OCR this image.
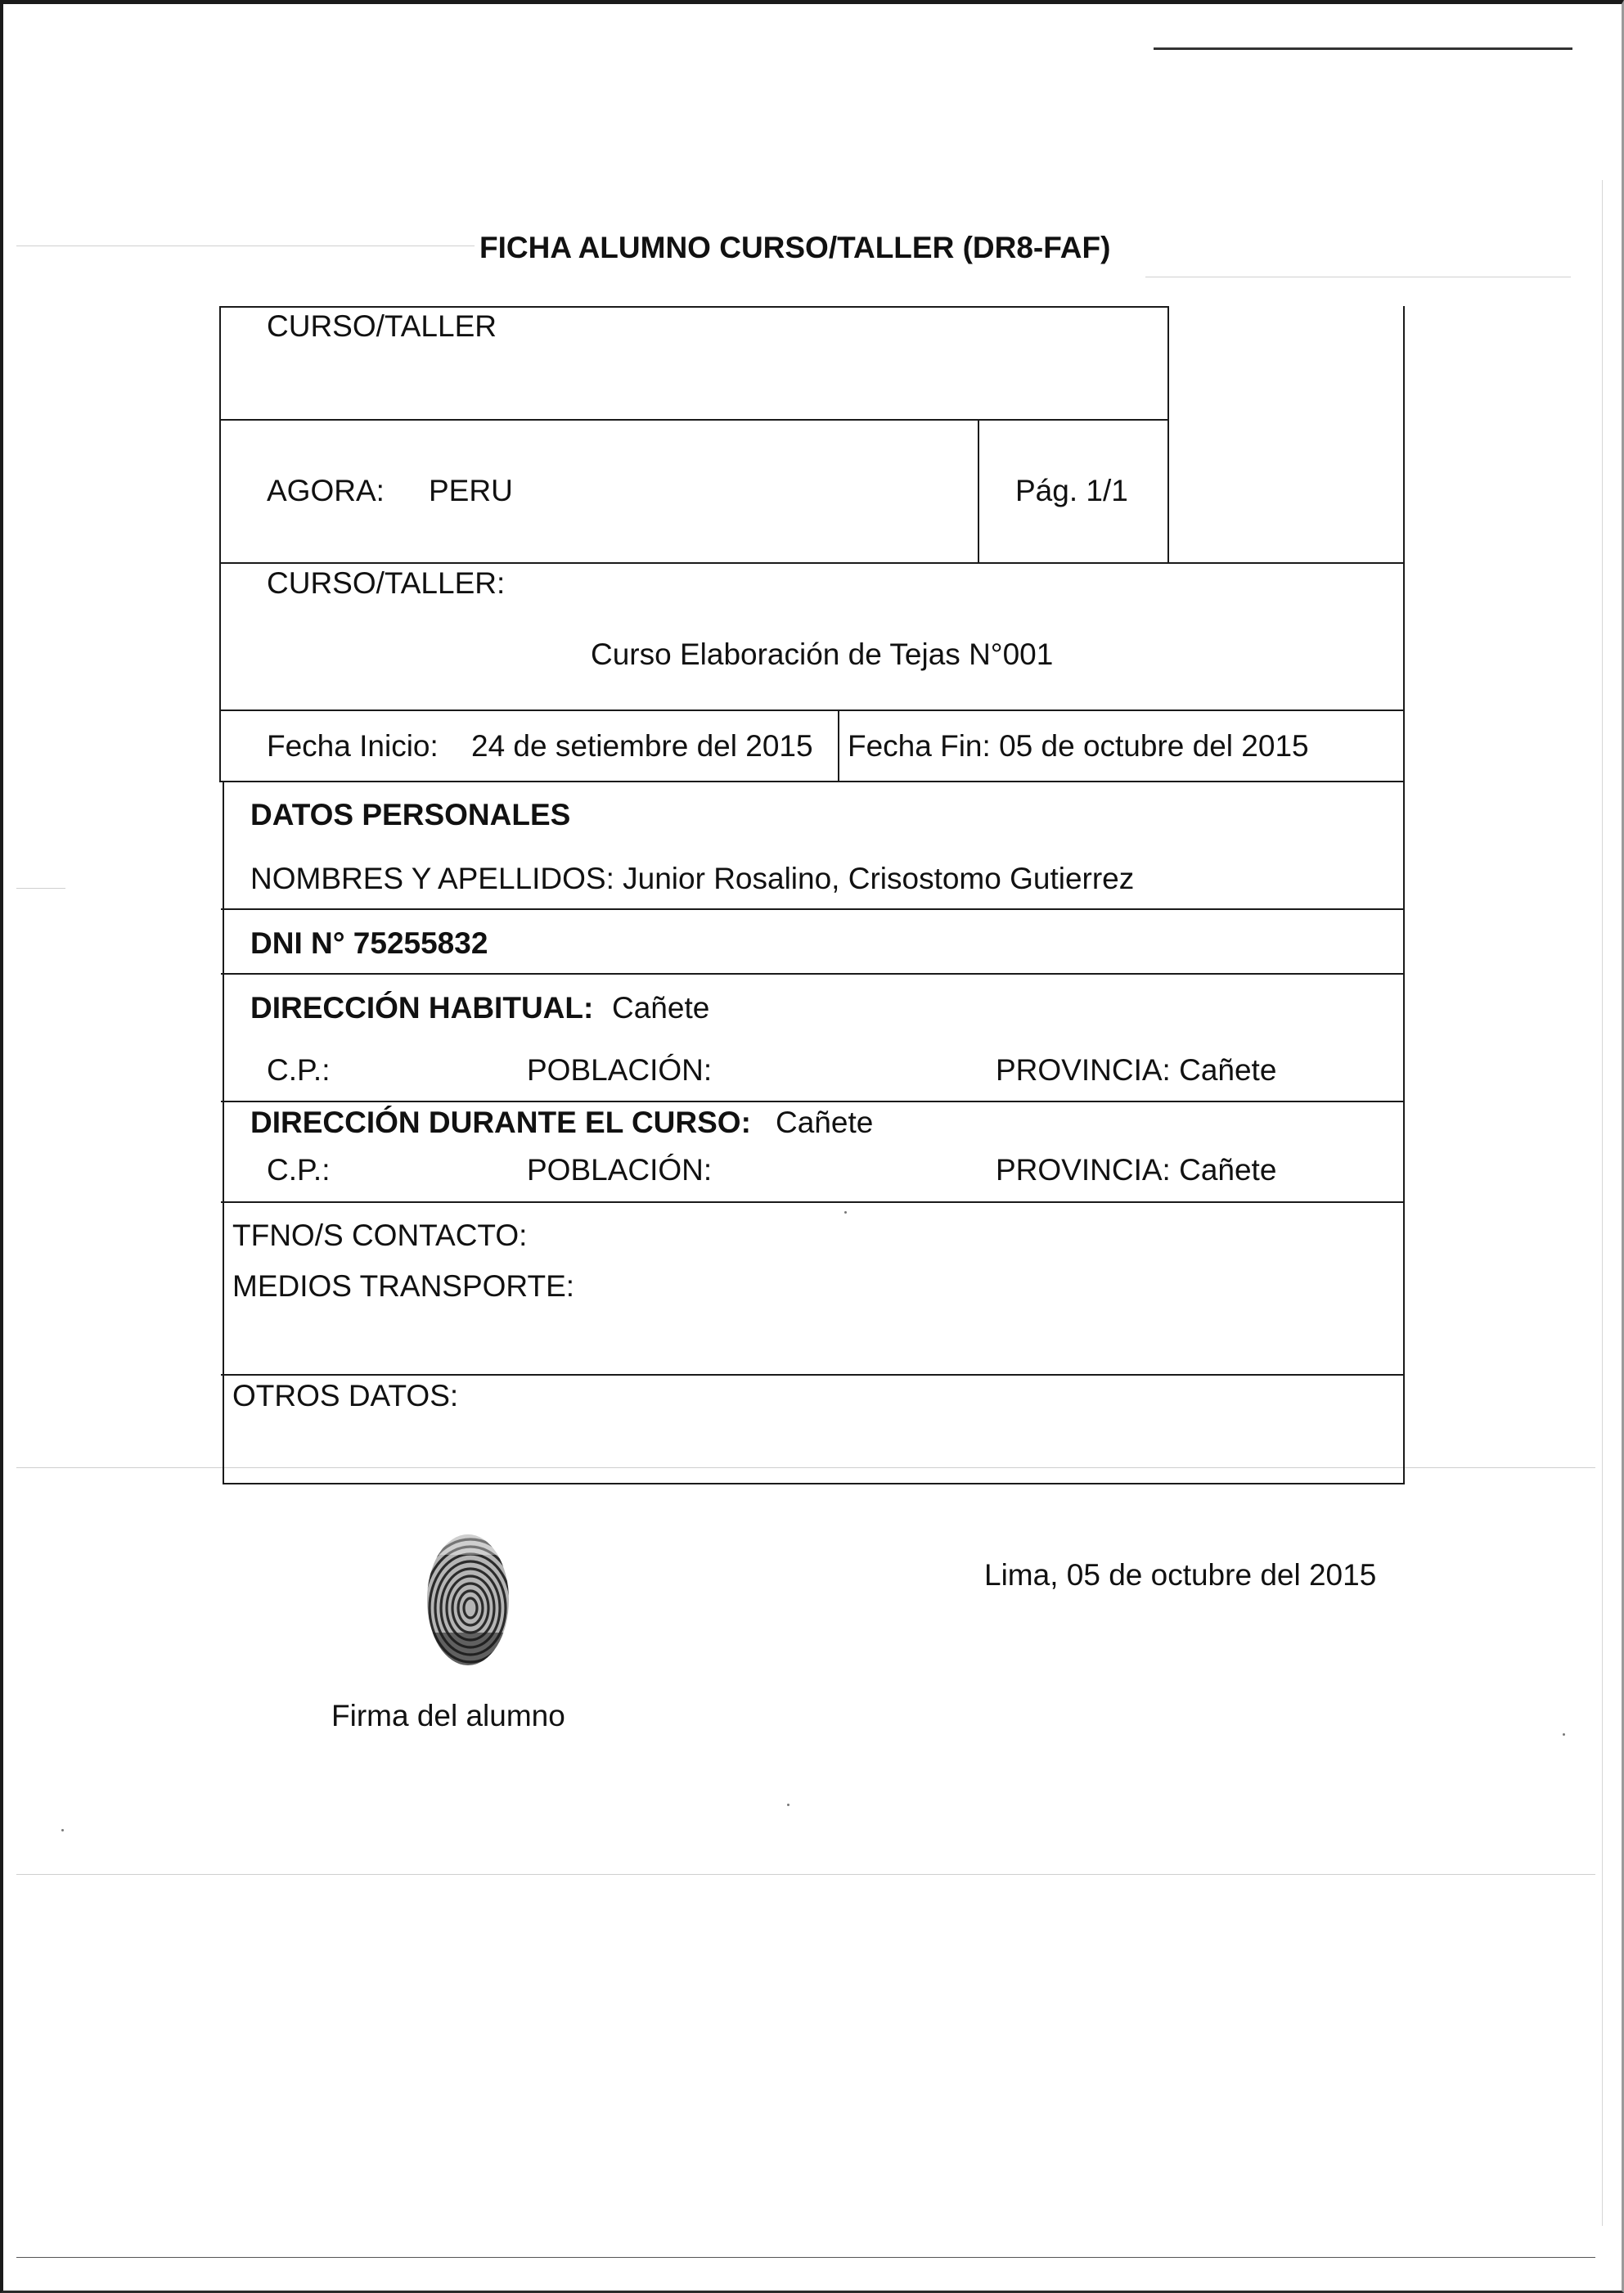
FICHA ALUMNO CURSO/TALLER (DR8-FAF)
CURSO/TALLER
AGORA: PERU	Pág. 1/1
CURSO/TALLER:
Curso Elaboración de Tejas N°001
Fecha Inicio: 24 de setiembre del 2015 Fecha Fin: 05 de octubre del 2015
DATOS PERSONALES
NOMBRES Y APELLIDOS: Junior Rosalino, Crisostomo Gutierrez
DNI N° 75255832
DIRECCIÓN HABITUAL: Cañete
C.P.:	POBLACIÓN:	PROVINCIA: Cañete
DIRECCIÓN DURANTE EL CURSO: Cañete
C.P.:	POBLACIÓN:	PROVINCIA: Cañete
TFNO/S CONTACTO:
MEDIOS TRANSPORTE:
OTROS DATOS:
Lima, 05 de octubre del 2015
Firma del alumno
